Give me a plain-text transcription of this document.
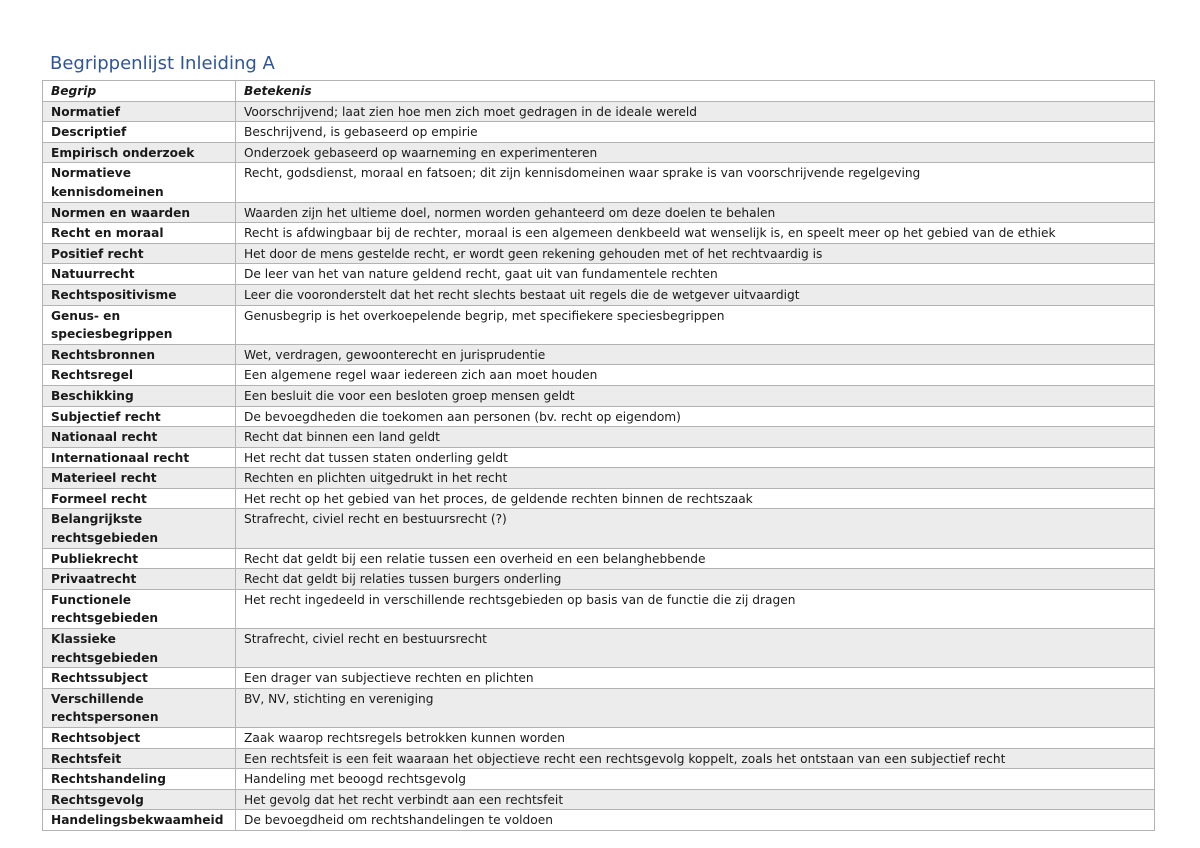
Begrippenlijst Inleiding A
Begrip	Betekenis
Normatief	Voorschrijvend; laat zien hoe men zich moet gedragen in de ideale wereld
Descriptief	Beschrijvend, is gebaseerd op empirie
Empirisch onderzoek	Onderzoek gebaseerd op waarneming en experimenteren
Normatieve kennisdomeinen	Recht, godsdienst, moraal en fatsoen; dit zijn kennisdomeinen waar sprake is van voorschrijvende regelgeving
Normen en waarden	Waarden zijn het ultieme doel, normen worden gehanteerd om deze doelen te behalen
Recht en moraal	Recht is afdwingbaar bij de rechter, moraal is een algemeen denkbeeld wat wenselijk is, en speelt meer op het gebied van de ethiek
Positief recht	Het door de mens gestelde recht, er wordt geen rekening gehouden met of het rechtvaardig is
Natuurrecht	De leer van het van nature geldend recht, gaat uit van fundamentele rechten
Rechtspositivisme	Leer die vooronderstelt dat het recht slechts bestaat uit regels die de wetgever uitvaardigt
Genus- en speciesbegrippen	Genusbegrip is het overkoepelende begrip, met specifiekere speciesbegrippen
Rechtsbronnen	Wet, verdragen, gewoonterecht en jurisprudentie
Rechtsregel	Een algemene regel waar iedereen zich aan moet houden
Beschikking	Een besluit die voor een besloten groep mensen geldt
Subjectief recht	De bevoegdheden die toekomen aan personen (bv. recht op eigendom)
Nationaal recht	Recht dat binnen een land geldt
Internationaal recht	Het recht dat tussen staten onderling geldt
Materieel recht	Rechten en plichten uitgedrukt in het recht
Formeel recht	Het recht op het gebied van het proces, de geldende rechten binnen de rechtszaak
Belangrijkste rechtsgebieden	Strafrecht, civiel recht en bestuursrecht (?)
Publiekrecht	Recht dat geldt bij een relatie tussen een overheid en een belanghebbende
Privaatrecht	Recht dat geldt bij relaties tussen burgers onderling
Functionele rechtsgebieden	Het recht ingedeeld in verschillende rechtsgebieden op basis van de functie die zij dragen
Klassieke rechtsgebieden	Strafrecht, civiel recht en bestuursrecht
Rechtssubject	Een drager van subjectieve rechten en plichten
Verschillende rechtspersonen	BV, NV, stichting en vereniging
Rechtsobject	Zaak waarop rechtsregels betrokken kunnen worden
Rechtsfeit	Een rechtsfeit is een feit waaraan het objectieve recht een rechtsgevolg koppelt, zoals het ontstaan van een subjectief recht
Rechtshandeling	Handeling met beoogd rechtsgevolg
Rechtsgevolg	Het gevolg dat het recht verbindt aan een rechtsfeit
Handelingsbekwaamheid	De bevoegdheid om rechtshandelingen te voldoen
